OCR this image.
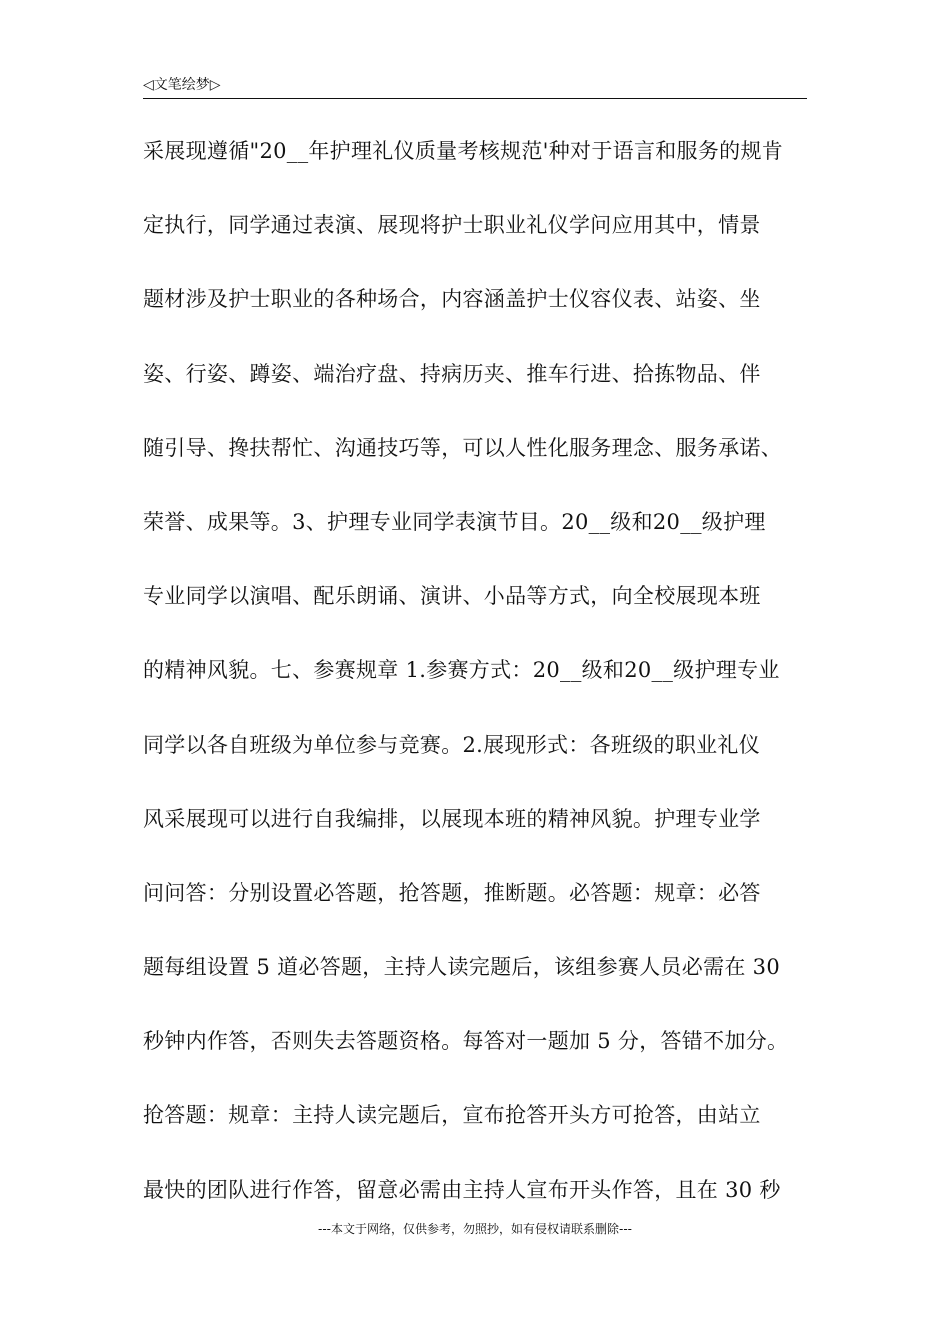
◁文笔绘梦▷
采展现遵循"20__年护理礼仪质量考核规范'种对于语言和服务的规肯
定执行，同学通过表演、展现将护士职业礼仪学问应用其中，情景
题材涉及护士职业的各种场合，内容涵盖护士仪容仪表、站姿、坐
姿、行姿、蹲姿、端治疗盘、持病历夹、推车行进、拾拣物品、伴
随引导、搀扶帮忙、沟通技巧等，可以人性化服务理念、服务承诺、
荣誉、成果等。3、护理专业同学表演节目。20__级和20__级护理
专业同学以演唱、配乐朗诵、演讲、小品等方式，向全校展现本班
的精神风貌。七、参赛规章 1.参赛方式：20__级和20__级护理专业
同学以各自班级为单位参与竞赛。2.展现形式：各班级的职业礼仪
风采展现可以进行自我编排，以展现本班的精神风貌。护理专业学
问问答：分别设置必答题，抢答题，推断题。必答题：规章：必答
题每组设置 5 道必答题，主持人读完题后，该组参赛人员必需在 30
秒钟内作答，否则失去答题资格。每答对一题加 5 分，答错不加分。
抢答题：规章：主持人读完题后，宣布抢答开头方可抢答，由站立
最快的团队进行作答，留意必需由主持人宣布开头作答，且在 30 秒
---本文于网络，仅供参考，勿照抄，如有侵权请联系删除---
